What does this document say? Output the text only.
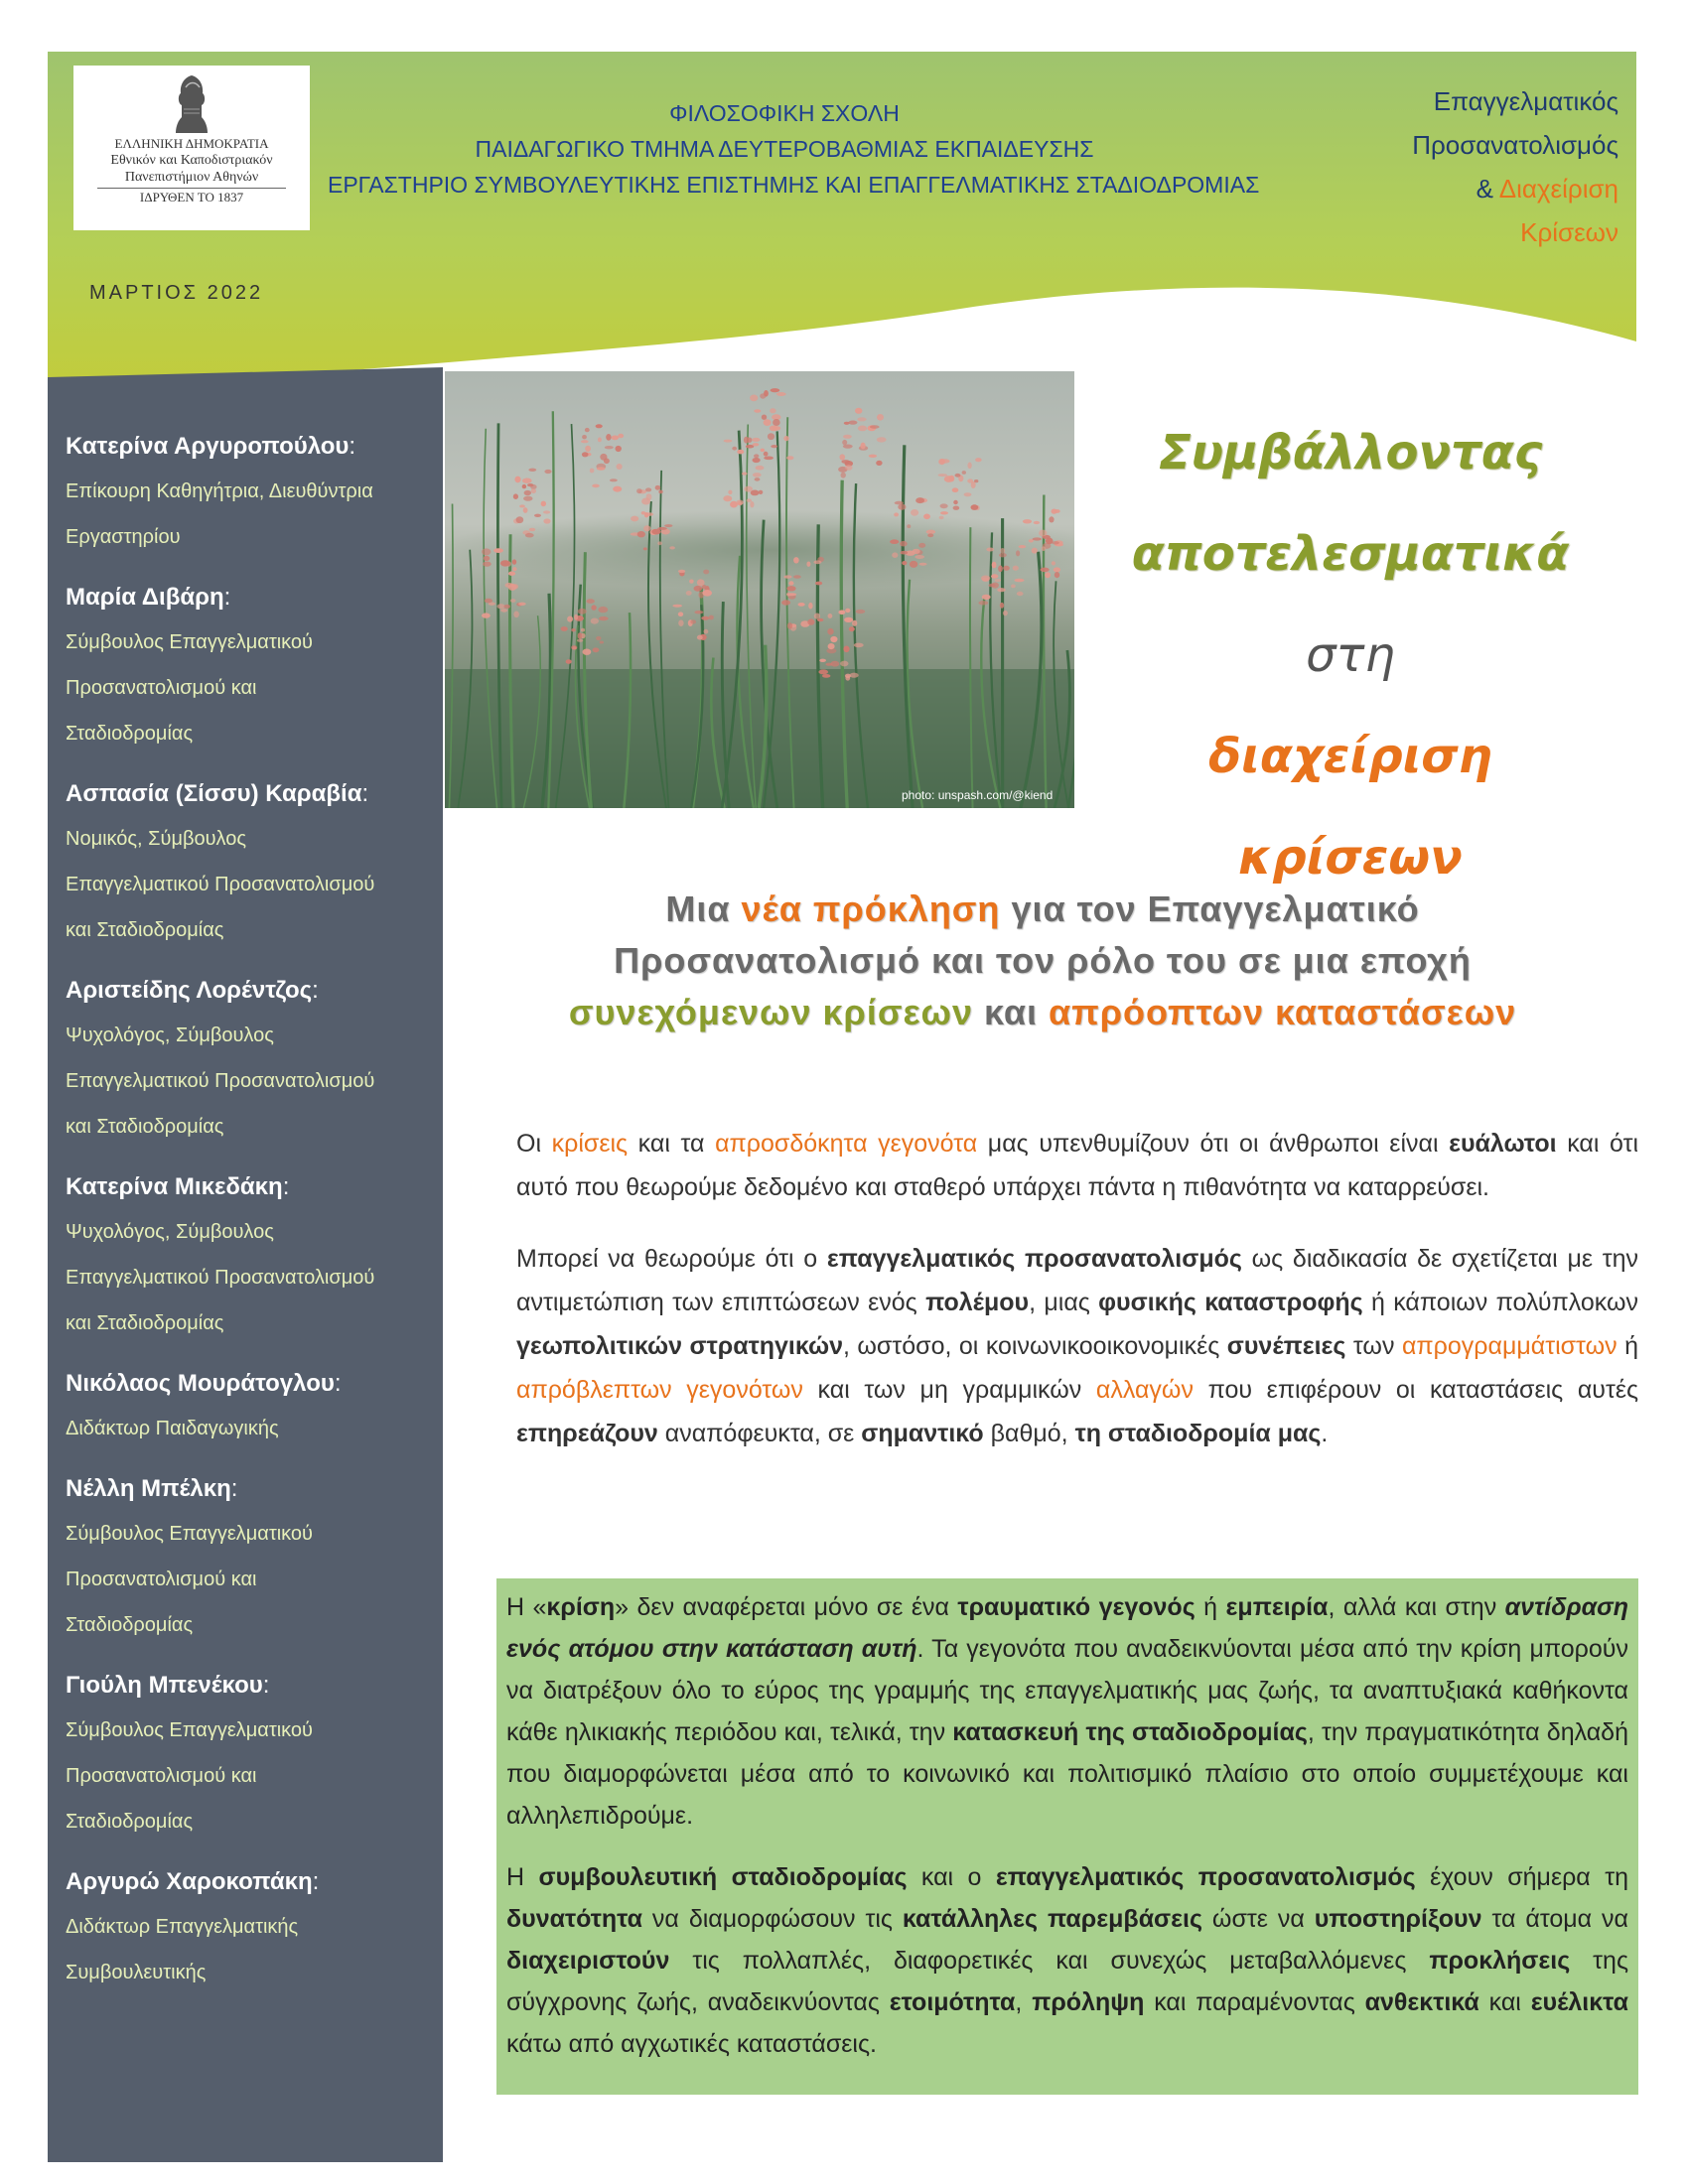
ΕΛΛΗΝΙΚΗ ΔΗΜΟΚΡΑΤΙΑ
Εθνικόν και Καποδιστριακόν
Πανεπιστήμιον Αθηνών
ΙΔΡΥΘΕΝ ΤΟ 1837
ΦΙΛΟΣΟΦΙΚΗ ΣΧΟΛΗ
ΠΑΙΔΑΓΩΓΙΚΟ ΤΜΗΜΑ ΔΕΥΤΕΡΟΒΑΘΜΙΑΣ ΕΚΠΑΙΔΕΥΣΗΣ
ΕΡΓΑΣΤΗΡΙΟ ΣΥΜΒΟΥΛΕΥΤΙΚΗΣ ΕΠΙΣΤΗΜΗΣ ΚΑΙ ΕΠΑΓΓΕΛΜΑΤΙΚΗΣ ΣΤΑΔΙΟΔΡΟΜΙΑΣ
Επαγγελματικός
Προσανατολισμός
& Διαχείριση
Κρίσεων
ΜΑΡΤΙΟΣ 2022
Κατερίνα Αργυροπούλου:
Επίκουρη Καθηγήτρια, Διευθύντρια
Εργαστηρίου
Μαρία Διβάρη:
Σύμβουλος Επαγγελματικού
Προσανατολισμού και
Σταδιοδρομίας
Ασπασία (Σίσσυ) Καραβία:
Νομικός, Σύμβουλος
Επαγγελματικού Προσανατολισμού
και Σταδιοδρομίας
Αριστείδης Λορέντζος:
Ψυχολόγος, Σύμβουλος
Επαγγελματικού Προσανατολισμού
και Σταδιοδρομίας
Κατερίνα Μικεδάκη:
Ψυχολόγος, Σύμβουλος
Επαγγελματικού Προσανατολισμού
και Σταδιοδρομίας
Νικόλαος Μουράτογλου:
Διδάκτωρ Παιδαγωγικής
Νέλλη Μπέλκη:
Σύμβουλος Επαγγελματικού
Προσανατολισμού και
Σταδιοδρομίας
Γιούλη Μπενέκου:
Σύμβουλος Επαγγελματικού
Προσανατολισμού και
Σταδιοδρομίας
Αργυρώ Χαροκοπάκη:
Διδάκτωρ Επαγγελματικής
Συμβουλευτικής
photo: unspash.com/@kiend
Συμβάλλοντας
αποτελεσματικά
στη
διαχείριση κρίσεων
Μια νέα πρόκληση για τον Επαγγελματικό
Προσανατολισμό και τον ρόλο του σε μια εποχή
συνεχόμενων κρίσεων και απρόοπτων καταστάσεων

Οι κρίσεις και τα απροσδόκητα γεγονότα μας υπενθυμίζουν ότι οι άνθρωποι είναι ευάλωτοι και ότι αυτό που θεωρούμε δεδομένο και σταθερό υπάρχει πάντα η πιθανότητα να καταρρεύσει.

Μπορεί να θεωρούμε ότι ο επαγγελματικός προσανατολισμός ως διαδικασία δε σχετίζεται με την αντιμετώπιση των επιπτώσεων ενός πολέμου, μιας φυσικής καταστροφής ή κάποιων πολύπλοκων γεωπολιτικών στρατηγικών, ωστόσο, οι κοινωνικοοικονομικές συνέπειες των απρογραμμάτιστων ή απρόβλεπτων γεγονότων και των μη γραμμικών αλλαγών που επιφέρουν οι καταστάσεις αυτές επηρεάζουν αναπόφευκτα, σε σημαντικό βαθμό, τη σταδιοδρομία μας.

Η «κρίση» δεν αναφέρεται μόνο σε ένα τραυματικό γεγονός ή εμπειρία, αλλά και στην αντίδραση ενός ατόμου στην κατάσταση αυτή. Τα γεγονότα που αναδεικνύονται μέσα από την κρίση μπορούν να διατρέξουν όλο το εύρος της γραμμής της επαγγελματικής μας ζωής, τα αναπτυξιακά καθήκοντα κάθε ηλικιακής περιόδου και, τελικά, την κατασκευή της σταδιοδρομίας, την πραγματικότητα δηλαδή που διαμορφώνεται μέσα από το κοινωνικό και πολιτισμικό πλαίσιο στο οποίο συμμετέχουμε και αλληλεπιδρούμε.

Η συμβουλευτική σταδιοδρομίας και ο επαγγελματικός προσανατολισμός έχουν σήμερα τη δυνατότητα να διαμορφώσουν τις κατάλληλες παρεμβάσεις ώστε να υποστηρίξουν τα άτομα να διαχειριστούν τις πολλαπλές, διαφορετικές και συνεχώς μεταβαλλόμενες προκλήσεις της σύγχρονης ζωής, αναδεικνύοντας ετοιμότητα, πρόληψη και παραμένοντας ανθεκτικά και ευέλικτα κάτω από αγχωτικές καταστάσεις.
